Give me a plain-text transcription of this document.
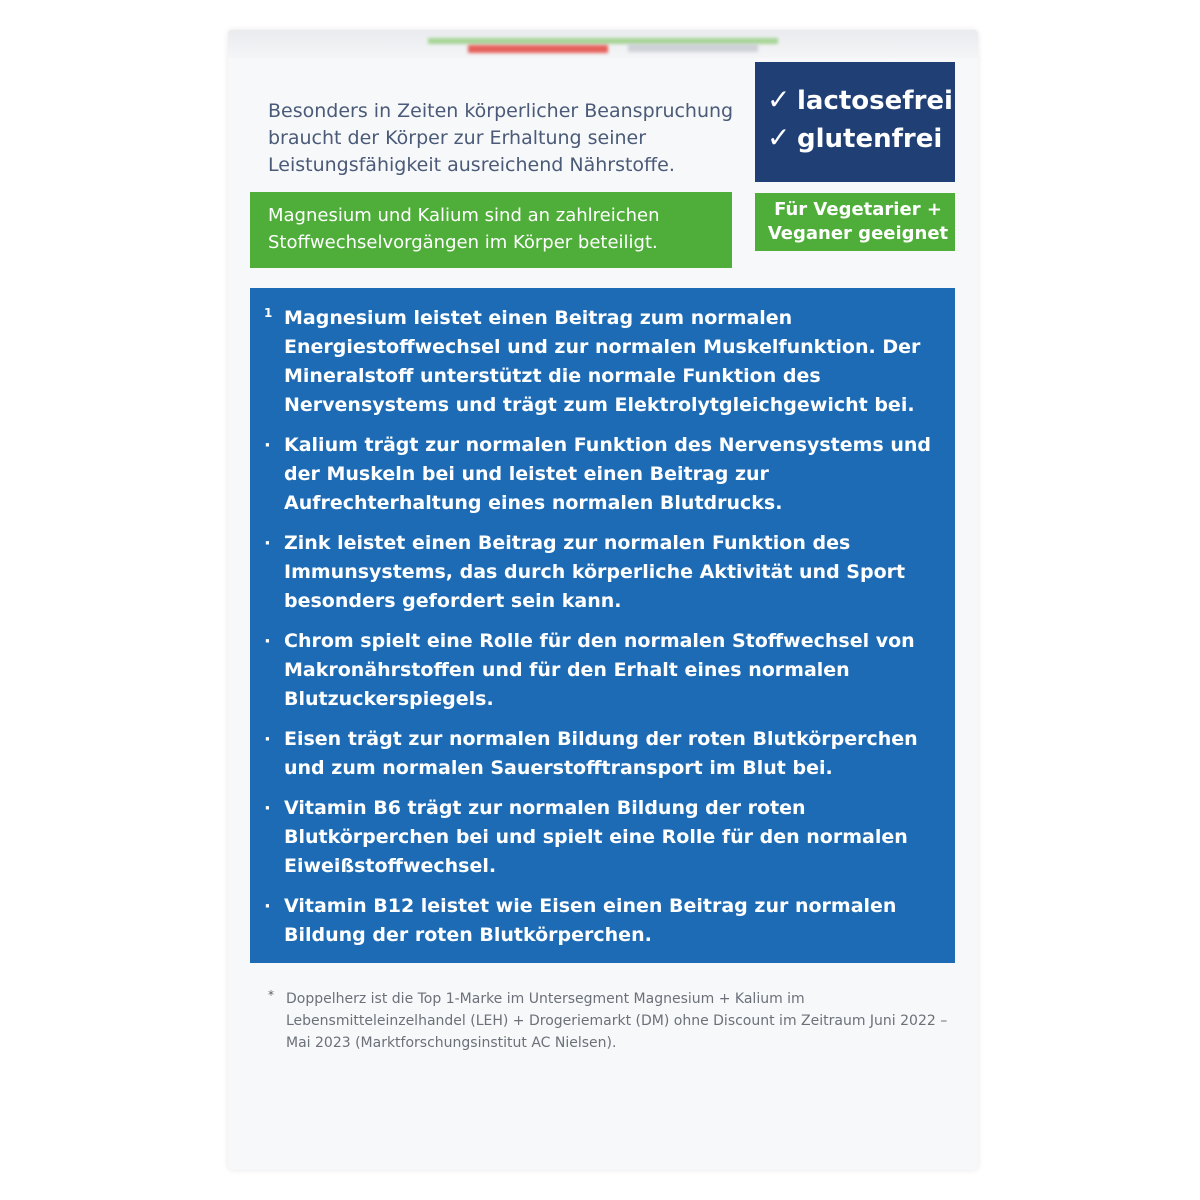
Besonders in Zeiten körperlicher Beanspruchung braucht der Körper zur Erhaltung seiner Leistungsfähigkeit ausreichend Nährstoffe.
Magnesium und Kalium sind an zahlreichen Stoffwechselvorgängen im Körper beteiligt.
✓ lactosefrei
✓ glutenfrei
Für Vegetarier + Veganer geeignet
1 Magnesium leistet einen Beitrag zum normalen Energiestoffwechsel und zur normalen Muskelfunktion. Der Mineralstoff unterstützt die normale Funktion des Nervensystems und trägt zum Elektrolytgleichgewicht bei.
· Kalium trägt zur normalen Funktion des Nervensystems und der Muskeln bei und leistet einen Beitrag zur Aufrechterhaltung eines normalen Blutdrucks.
· Zink leistet einen Beitrag zur normalen Funktion des Immunsystems, das durch körperliche Aktivität und Sport besonders gefordert sein kann.
· Chrom spielt eine Rolle für den normalen Stoffwechsel von Makronährstoffen und für den Erhalt eines normalen Blutzuckerspiegels.
· Eisen trägt zur normalen Bildung der roten Blutkörperchen und zum normalen Sauerstofftransport im Blut bei.
· Vitamin B6 trägt zur normalen Bildung der roten Blutkörperchen bei und spielt eine Rolle für den normalen Eiweißstoffwechsel.
· Vitamin B12 leistet wie Eisen einen Beitrag zur normalen Bildung der roten Blutkörperchen.
* Doppelherz ist die Top 1-Marke im Untersegment Magnesium + Kalium im Lebensmitteleinzelhandel (LEH) + Drogeriemarkt (DM) ohne Discount im Zeitraum Juni 2022 – Mai 2023 (Marktforschungsinstitut AC Nielsen).
